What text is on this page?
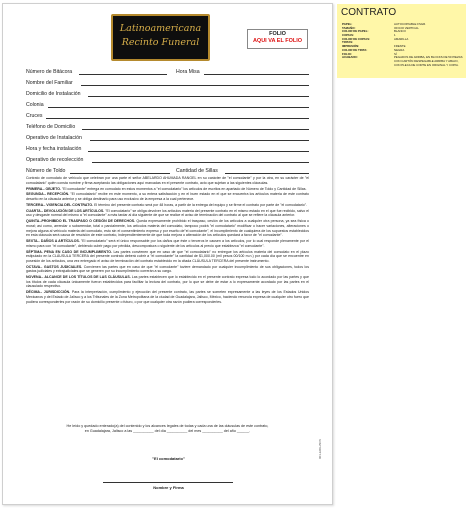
Latinoamericana
Recinto Funeral
FOLIO
AQUI VA EL FOLIO
Número de Bitácora	Hora Misa
Nombre del Familiar
Domicilio de Instalación
Colonia
Cruces
Teléfono de Domicilio
Operativo de Instalación
Hora y fecha instalación
Operativo de recolección
Número de Toldo	Cantidad de Sillas

Contrato de comodato de vehículo que celebran por una parte el señor ABELARDO AHUMADA RANGEL en su carácter de "el comodante" y por la otra, en su carácter de "el comodatario" quién consta nombre y firma aceptando las obligaciones aquí marcadas en el presente contrato, acto que sujetan a las siguientes cláusulas.

PRIMERA.- OBJETO. "El comodante" entrega en comodato en estos momentos a "el comodatario" los artículos de escritos en apartado de Número de Toldo y Cantidad de Sillas.

SEGUNDA.- RECEPCIÓN. "El comodatario" recibe en este momento, a su entera satisfacción y en el buen estado en el que se encuentra los artículos materia de este contrato descrito en la cláusula anterior y se obliga destinarlo para uso exclusivo de la empresa a la cual pertenece.

TERCERA.- VIGENCIA DEL CONTRATO. El término del presente contrato será por 48 horas, a partir de la entrega del equipo y se firme el contrato por parte de "el comodatario".

CUARTA.- DEVOLUCIÓN DE LOS ARTÍCULOS. "El comodatario" se obliga devolver los artículos materia del presente contrato en el mismo estado en el que fue recibido, salvo el uso y desgaste normal del mismo a "el comodante" a más tardar al día siguiente de que se realice el aviso de terminación del contrato al que se refiere la cláusula anterior.

QUINTA.-PROHIBIDO EL TRASPASO O CESIÓN DE DERECHOS. Queda expresamente prohibido el traspaso, cesión de los artículos a cualquier otra persona, ya sea física o moral; así como, arrendar o subarrendar, total o parcialmente, los artículos materia del comodato, tampoco podrá "el comodatario" modificar o hacer variaciones, alteraciones o mejora alguna al vehículo materia del comodato, esto sin el consentimiento expreso y por escrito de"el comodante", el incumplimiento de cualquiera de los supuestos establecidos en esta cláusula será causa de rescisión de este contrato, independientemente de que toda mejora o alteración de los artículos quedará a favor de "el comodante".

SEXTA.- DAÑOS A ARTÍCULOS. "El comodatario" será el único responsable por los daños que éste o terceros le causen a los artículos, por lo cual responde plenamente por el mismo para con "el comodante", debiendo cubrir pago por pérdida, descompostura o siguiente de los artículos al precio que establezca "el comodante".

SÉPTIMA. PENA EN CASO DE INCUMPLIMIENTO. Las partes convienen que en caso de que "el comodatario" no entregue los artículos materia del comodato en el plazo estipulado en la CLÁUSULA TERCERA del presente contrato deberá cubrir a "el comodante" la cantidad de $1,000.00 (mil pesos 00/100 m.n.) por cada día que se encuentre en posesión de los artículos, una vez entregado el aviso de terminación del contrato establecido en la citada CLÁUSULA TERCERA del presente instrumento.

OCTAVA.- GASTOS JUDICIALES. Convienen las partes que en caso de que "el comodante" tuviere demandado por cualquier incumplimiento de sus obligaciones, todos los gastos judiciales y extrajudiciales que se generen por su incumplimiento correrán a su cargo.

NOVENA.- ALCANCE DE LOS TÍTULOS DE LAS CLÁUSULAS. Las partes establecen que lo establecido en el presente contrato expresa todo lo acordado por las partes y que los títulos de cada cláusula únicamente fueron establecidos para facilitar la lectura del contrato, por lo que se debe de estar a lo expresamente acordado por las partes en el clausulado respectivo.

DÉCIMA.- JURISDICCIÓN. Para la interpretación, cumplimiento y ejecución del presente contrato, las partes se someten expresamente a las leyes de los Estados Unidos Mexicanos y del Estado de Jalisco y a los Tribunales de la Zona Metropolitana de la ciudad de Guadalajara, Jalisco, México, haciendo renuncia expresa de cualquier otro fuero que pudiera corresponderles por razón de su domicilio presente o futuro, o por que cualquier otra razón pudiera corresponderles.

He leído y quedado enterado(a) del contenido y los alcances legales de todas y cada una de las cláusulas de este contrato,
en Guadalajara, Jalisco a las __________ del día __________ del mes __________ del año ______.
"El comodatario"
Nombre y Firma
001-ERG-BCN
CONTRATO
PAPEL:	AUTOCOPIABLE FSGR.
TAMAÑO:	OFICIO VERTICAL
COLOR DE PAPEL:	BLANCO
COPIAS:	1
COLOR DE COPIAS:	AMARILLA
TINTAS:
IMPRESIÓN:	FRENTE
COLOR DE TINTA:	NEGRA
FOLIO:	SÍ
ACABADO:	PEGADOS DE ARRIBA, EN BLOCKS DE 50 PIEZAS CON CARTÓN DESPEGABLE ARRIBA Y ABAJO, CON PLECA DE CORTE EN ORIGINAL Y COPIA.
